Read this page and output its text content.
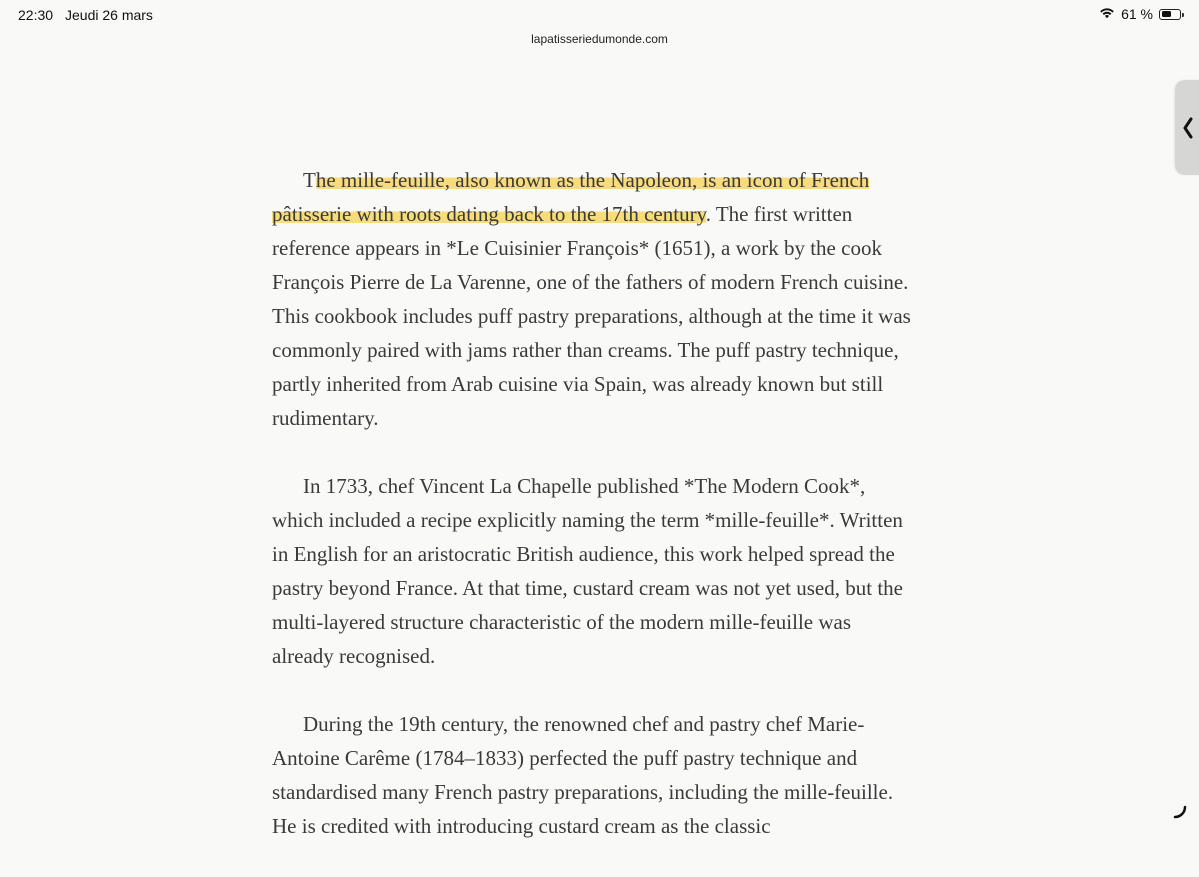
22:30 Jeudi 26 mars	61 %
lapatisseriedumonde.com

The mille-feuille, also known as the Napoleon, is an icon of French pâtisserie with roots dating back to the 17th century. The first written reference appears in *Le Cuisinier François* (1651), a work by the cook François Pierre de La Varenne, one of the fathers of modern French cuisine. This cookbook includes puff pastry preparations, although at the time it was commonly paired with jams rather than creams. The puff pastry technique, partly inherited from Arab cuisine via Spain, was already known but still rudimentary.

In 1733, chef Vincent La Chapelle published *The Modern Cook*, which included a recipe explicitly naming the term *mille-feuille*. Written in English for an aristocratic British audience, this work helped spread the pastry beyond France. At that time, custard cream was not yet used, but the multi-layered structure characteristic of the modern mille-feuille was already recognised.

During the 19th century, the renowned chef and pastry chef Marie-Antoine Carême (1784–1833) perfected the puff pastry technique and standardised many French pastry preparations, including the mille-feuille. He is credited with introducing custard cream as the classic
